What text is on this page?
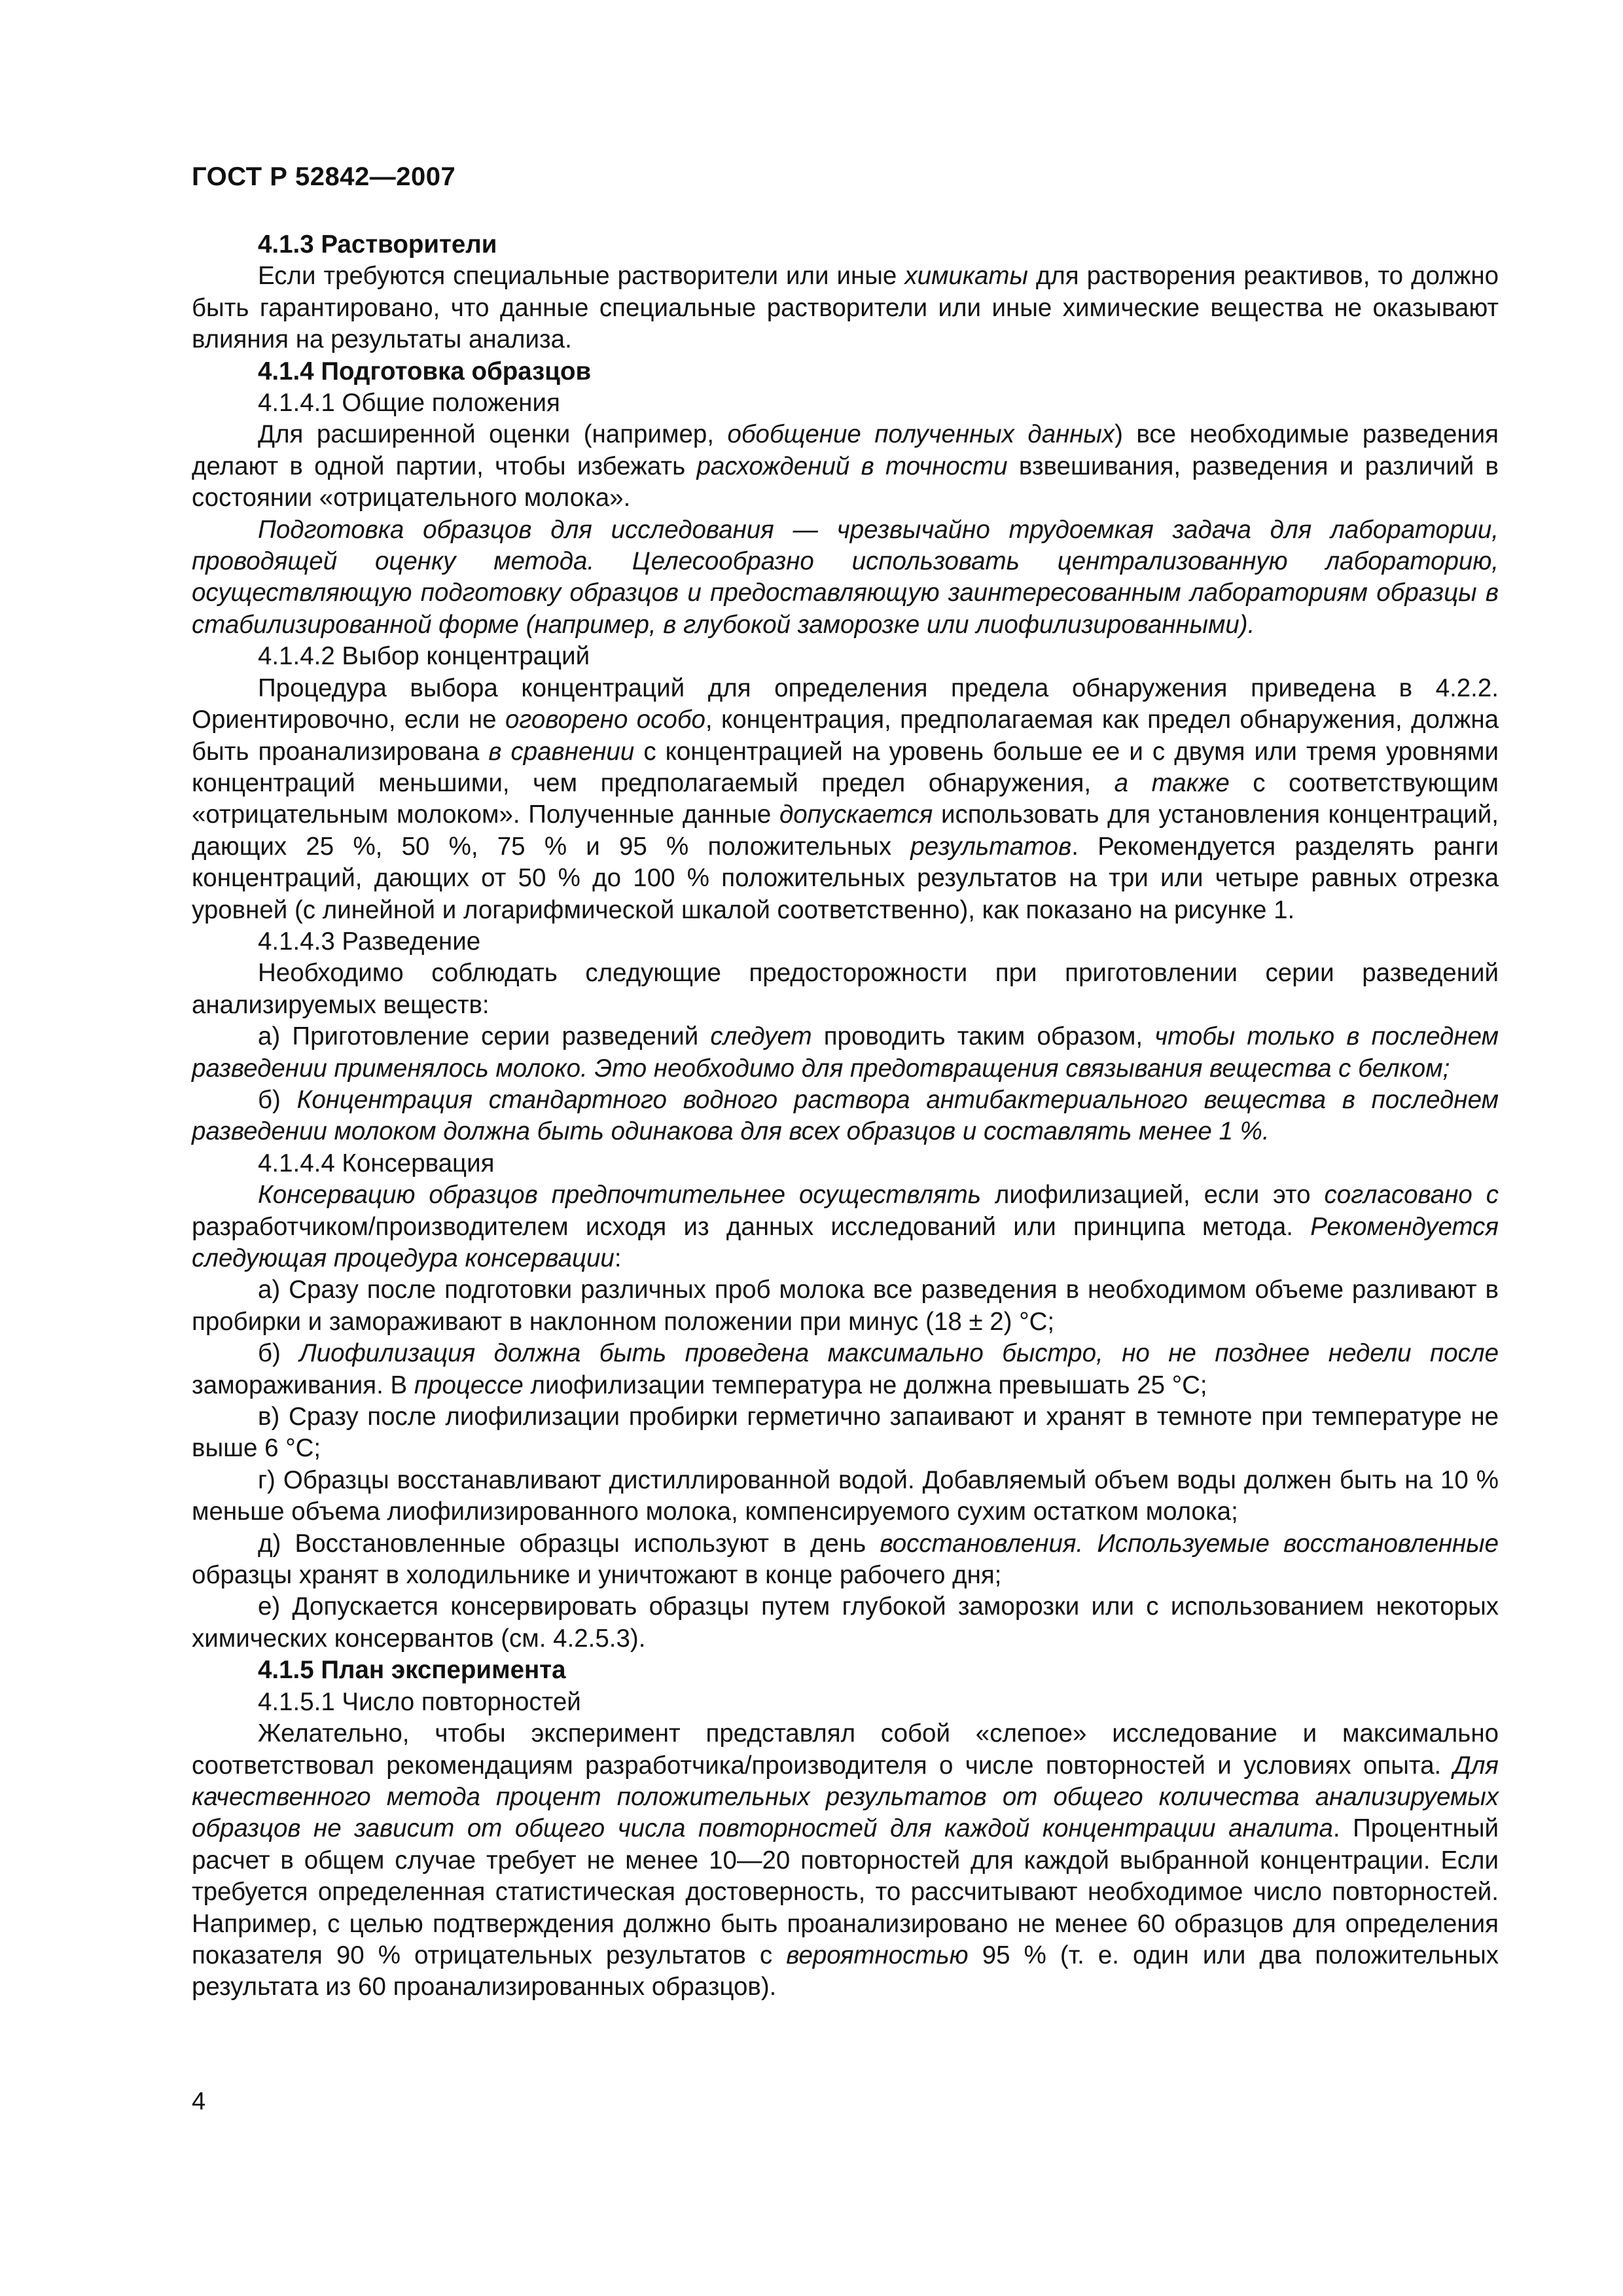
ГОСТ Р 52842—2007

4.1.3 Растворители

Если требуются специальные растворители или иные химикаты для растворения реактивов, то должно быть гарантировано, что данные специальные растворители или иные химические вещества не оказывают влияния на результаты анализа.

4.1.4 Подготовка образцов

4.1.4.1 Общие положения

Для расширенной оценки (например, обобщение полученных данных) все необходимые разведения делают в одной партии, чтобы избежать расхождений в точности взвешивания, разведения и различий в состоянии «отрицательного молока».

Подготовка образцов для исследования — чрезвычайно трудоемкая задача для лаборатории, проводящей оценку метода. Целесообразно использовать централизованную лабораторию, осуществляющую подготовку образцов и предоставляющую заинтересованным лабораториям образцы в стабилизированной форме (например, в глубокой заморозке или лиофилизированными).

4.1.4.2 Выбор концентраций

Процедура выбора концентраций для определения предела обнаружения приведена в 4.2.2. Ориентировочно, если не оговорено особо, концентрация, предполагаемая как предел обнаружения, должна быть проанализирована в сравнении с концентрацией на уровень больше ее и с двумя или тремя уровнями концентраций меньшими, чем предполагаемый предел обнаружения, а также с соответствующим «отрицательным молоком». Полученные данные допускается использовать для установления концентраций, дающих 25 %, 50 %, 75 % и 95 % положительных результатов. Рекомендуется разделять ранги концентраций, дающих от 50 % до 100 % положительных результатов на три или четыре равных отрезка уровней (с линейной и логарифмической шкалой соответственно), как показано на рисунке 1.

4.1.4.3 Разведение

Необходимо соблюдать следующие предосторожности при приготовлении серии разведений анализируемых веществ:

а) Приготовление серии разведений следует проводить таким образом, чтобы только в последнем разведении применялось молоко. Это необходимо для предотвращения связывания вещества с белком;

б) Концентрация стандартного водного раствора антибактериального вещества в последнем разведении молоком должна быть одинакова для всех образцов и составлять менее 1 %.

4.1.4.4 Консервация

Консервацию образцов предпочтительнее осуществлять лиофилизацией, если это согласовано с разработчиком/производителем исходя из данных исследований или принципа метода. Рекомендуется следующая процедура консервации:

а) Сразу после подготовки различных проб молока все разведения в необходимом объеме разливают в пробирки и замораживают в наклонном положении при минус (18 ± 2) °С;

б) Лиофилизация должна быть проведена максимально быстро, но не позднее недели после замораживания. В процессе лиофилизации температура не должна превышать 25 °С;

в) Сразу после лиофилизации пробирки герметично запаивают и хранят в темноте при температуре не выше 6 °С;

г) Образцы восстанавливают дистиллированной водой. Добавляемый объем воды должен быть на 10 % меньше объема лиофилизированного молока, компенсируемого сухим остатком молока;

д) Восстановленные образцы используют в день восстановления. Используемые восстановленные образцы хранят в холодильнике и уничтожают в конце рабочего дня;

е) Допускается консервировать образцы путем глубокой заморозки или с использованием некоторых химических консервантов (см. 4.2.5.3).

4.1.5 План эксперимента

4.1.5.1 Число повторностей

Желательно, чтобы эксперимент представлял собой «слепое» исследование и максимально соответствовал рекомендациям разработчика/производителя о числе повторностей и условиях опыта. Для качественного метода процент положительных результатов от общего количества анализируемых образцов не зависит от общего числа повторностей для каждой концентрации аналита. Процентный расчет в общем случае требует не менее 10—20 повторностей для каждой выбранной концентрации. Если требуется определенная статистическая достоверность, то рассчитывают необходимое число повторностей. Например, с целью подтверждения должно быть проанализировано не менее 60 образцов для определения показателя 90 % отрицательных результатов с вероятностью 95 % (т. е. один или два положительных результата из 60 проанализированных образцов).

4
